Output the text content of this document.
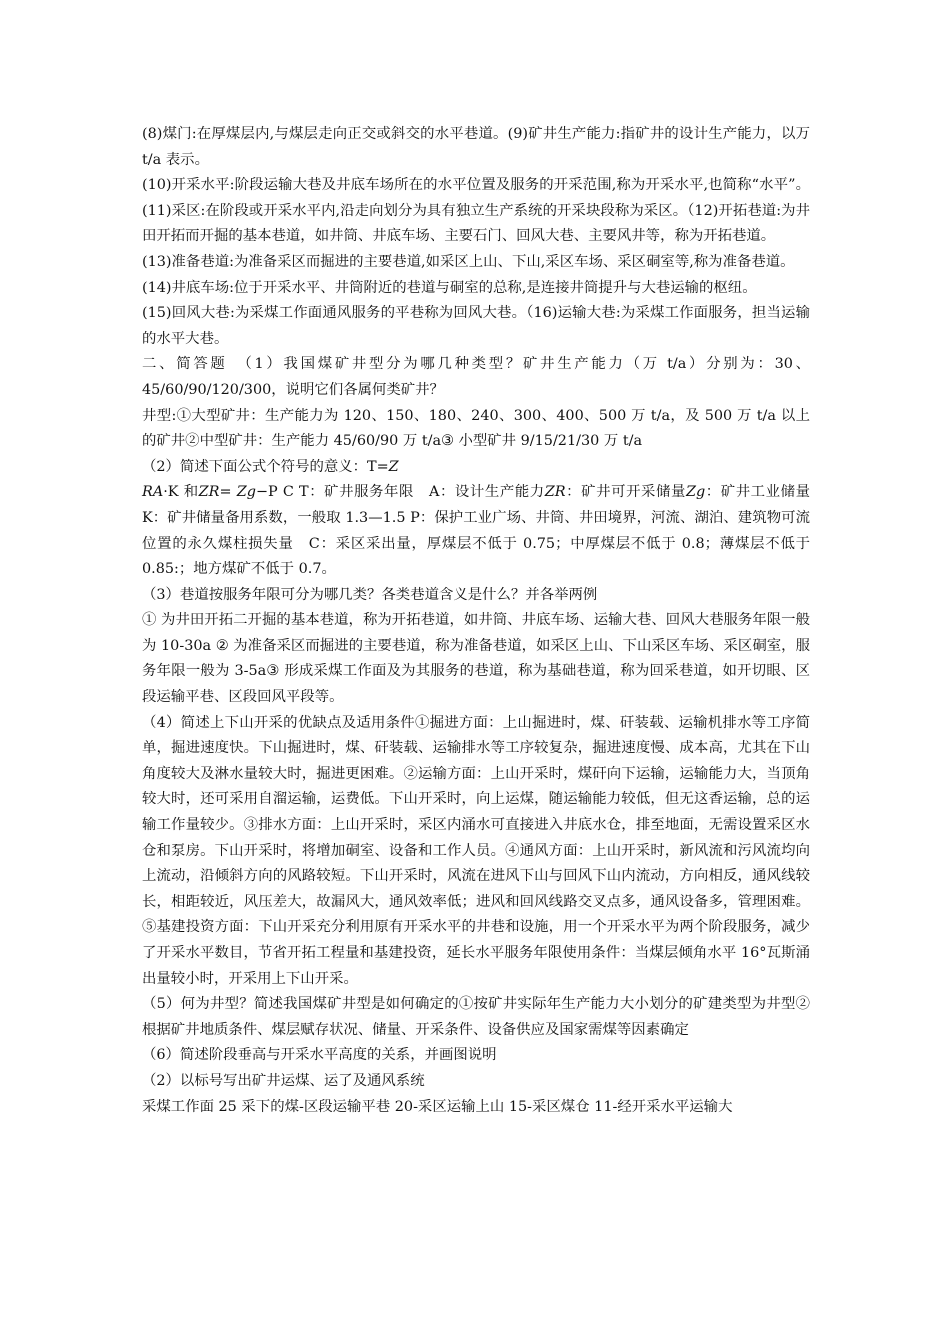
(8)煤门:在厚煤层内,与煤层走向正交或斜交的水平巷道。(9)矿井生产能力:指矿井的设计生产能力，以万 t/a 表示。

(10)开采水平:阶段运输大巷及井底车场所在的水平位置及服务的开采范围,称为开采水平,也简称“水平”。(11)采区:在阶段或开采水平内,沿走向划分为具有独立生产系统的开采块段称为采区。（12)开拓巷道:为井田开拓而开掘的基本巷道，如井筒、井底车场、主要石门、回风大巷、主要风井等，称为开拓巷道。

(13)准备巷道:为准备采区而掘进的主要巷道,如采区上山、下山,采区车场、采区硐室等,称为准备巷道。

(14)井底车场:位于开采水平、井筒附近的巷道与硐室的总称,是连接井筒提升与大巷运输的枢纽。

(15)回风大巷:为采煤工作面通风服务的平巷称为回风大巷。（16)运输大巷:为采煤工作面服务，担当运输的水平大巷。

二、简答题　（1）我国煤矿井型分为哪几种类型？矿井生产能力（万 t/a）分别为：30、45/60/90/120/300，说明它们各属何类矿井？

井型:①大型矿井：生产能力为 120、150、180、240、300、400、500 万 t/a，及 500 万 t/a 以上的矿井②中型矿井：生产能力 45/60/90 万 t/a③ 小型矿井 9/15/21/30 万 t/a

（2）简述下面公式个符号的意义：T=𝑍

𝑅𝐴·K 和𝑍𝑅= 𝑍𝑔−P C T：矿井服务年限　A：设计生产能力𝑍𝑅：矿井可开采储量𝑍𝑔：矿井工业储量　K：矿井储量备用系数，一般取 1.3—1.5 P：保护工业广场、井筒、井田境界，河流、湖泊、建筑物可流位置的永久煤柱损失量　C：采区采出量，厚煤层不低于 0.75；中厚煤层不低于 0.8；薄煤层不低于 0.85:；地方煤矿不低于 0.7。

（3）巷道按服务年限可分为哪几类？各类巷道含义是什么？并各举两例

① 为井田开拓二开掘的基本巷道，称为开拓巷道，如井筒、井底车场、运输大巷、回风大巷服务年限一般为 10-30a ② 为准备采区而掘进的主要巷道，称为准备巷道，如采区上山、下山采区车场、采区硐室，服务年限一般为 3-5a③ 形成采煤工作面及为其服务的巷道，称为基础巷道，称为回采巷道，如开切眼、区段运输平巷、区段回风平段等。

（4）简述上下山开采的优缺点及适用条件①掘进方面：上山掘进时，煤、矸装载、运输机排水等工序简单，掘进速度快。下山掘进时，煤、矸装载、运输排水等工序较复杂，掘进速度慢、成本高，尤其在下山角度较大及淋水量较大时，掘进更困难。②运输方面：上山开采时，煤矸向下运输，运输能力大，当顶角较大时，还可采用自溜运输，运费低。下山开采时，向上运煤，随运输能力较低，但无这香运输，总的运输工作量较少。③排水方面：上山开采时，采区内涌水可直接进入井底水仓，排至地面，无需设置采区水仓和泵房。下山开采时，将增加硐室、设备和工作人员。④通风方面：上山开采时，新风流和污风流均向上流动，沿倾斜方向的风路较短。下山开采时，风流在进风下山与回风下山内流动，方向相反，通风线较长，相距较近，风压差大，故漏风大，通风效率低；进风和回风线路交叉点多，通风设备多，管理困难。⑤基建投资方面：下山开采充分利用原有开采水平的井巷和设施，用一个开采水平为两个阶段服务，减少了开采水平数目，节省开拓工程量和基建投资，延长水平服务年限使用条件：当煤层倾角水平 16°瓦斯涌出量较小时，开采用上下山开采。

（5）何为井型？简述我国煤矿井型是如何确定的①按矿井实际年生产能力大小划分的矿建类型为井型②根据矿井地质条件、煤层赋存状况、储量、开采条件、设备供应及国家需煤等因素确定

（6）简述阶段垂高与开采水平高度的关系，并画图说明

（2）以标号写出矿井运煤、运了及通风系统

采煤工作面 25 采下的煤-区段运输平巷 20-采区运输上山 15-采区煤仓 11-经开采水平运输大
